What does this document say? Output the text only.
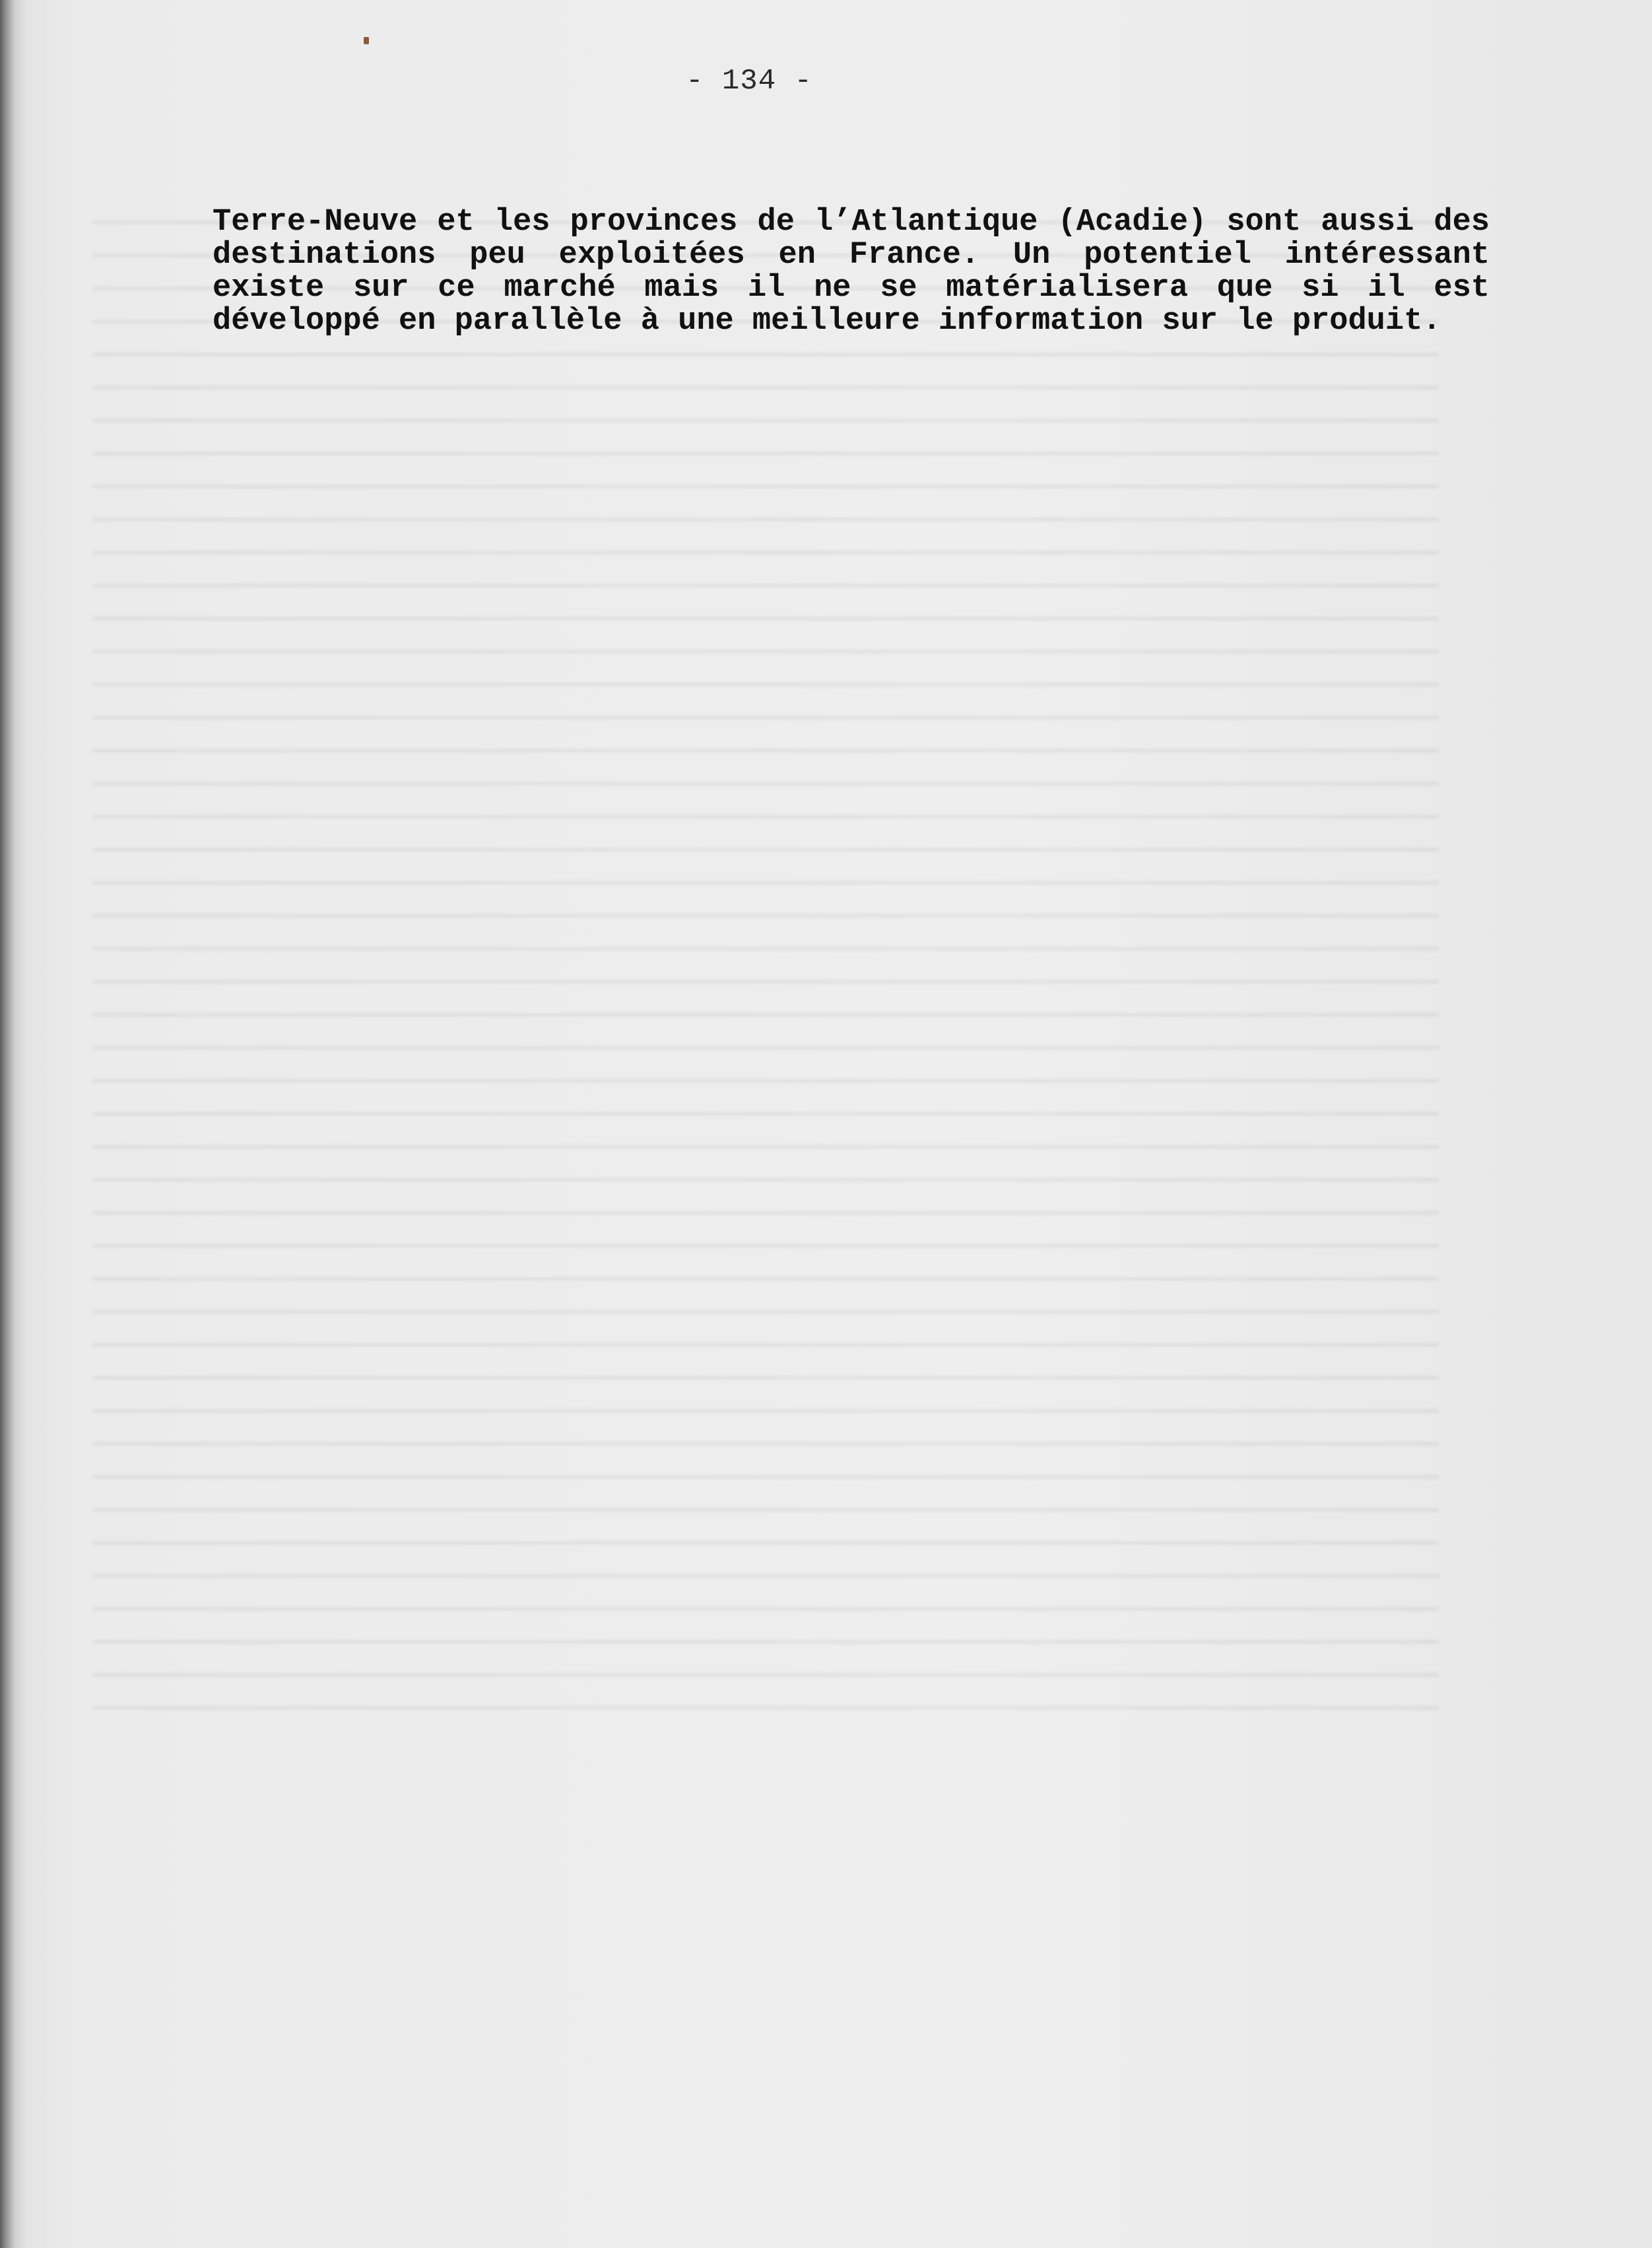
- 134 -

Terre-Neuve et les provinces de l’Atlantique (Acadie) sont aussi des destinations peu exploitées en France. Un potentiel intéressant existe sur ce marché mais il ne se matérialisera que si il est développé en parallèle à une meilleure information sur le produit.
